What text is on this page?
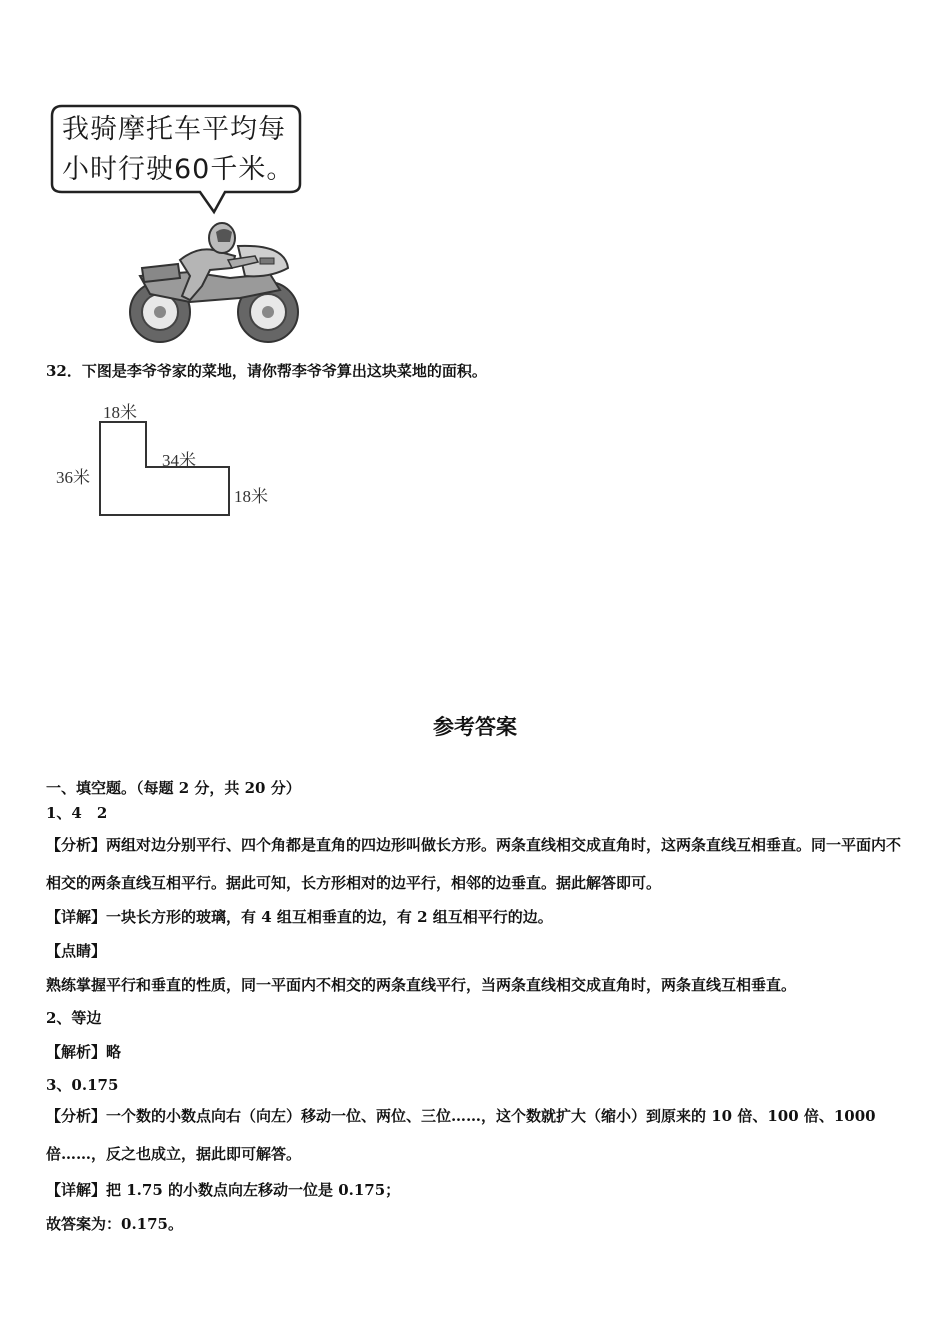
我骑摩托车平均每
小时行驶60千米。
32．下图是李爷爷家的菜地，请你帮李爷爷算出这块菜地的面积。
18米
34米
36米
18米
参考答案
一、填空题。（每题 2 分，共 20 分）
1、4　2
【分析】两组对边分别平行、四个角都是直角的四边形叫做长方形。两条直线相交成直角时，这两条直线互相垂直。同一平面内不相交的两条直线互相平行。据此可知，长方形相对的边平行，相邻的边垂直。据此解答即可。
【详解】一块长方形的玻璃，有 4 组互相垂直的边，有 2 组互相平行的边。
【点睛】
熟练掌握平行和垂直的性质，同一平面内不相交的两条直线平行，当两条直线相交成直角时，两条直线互相垂直。
2、等边
【解析】略
3、0.175
【分析】一个数的小数点向右（向左）移动一位、两位、三位……，这个数就扩大（缩小）到原来的 10 倍、100 倍、1000 倍……，反之也成立，据此即可解答。
【详解】把 1.75 的小数点向左移动一位是 0.175；
故答案为：0.175。
